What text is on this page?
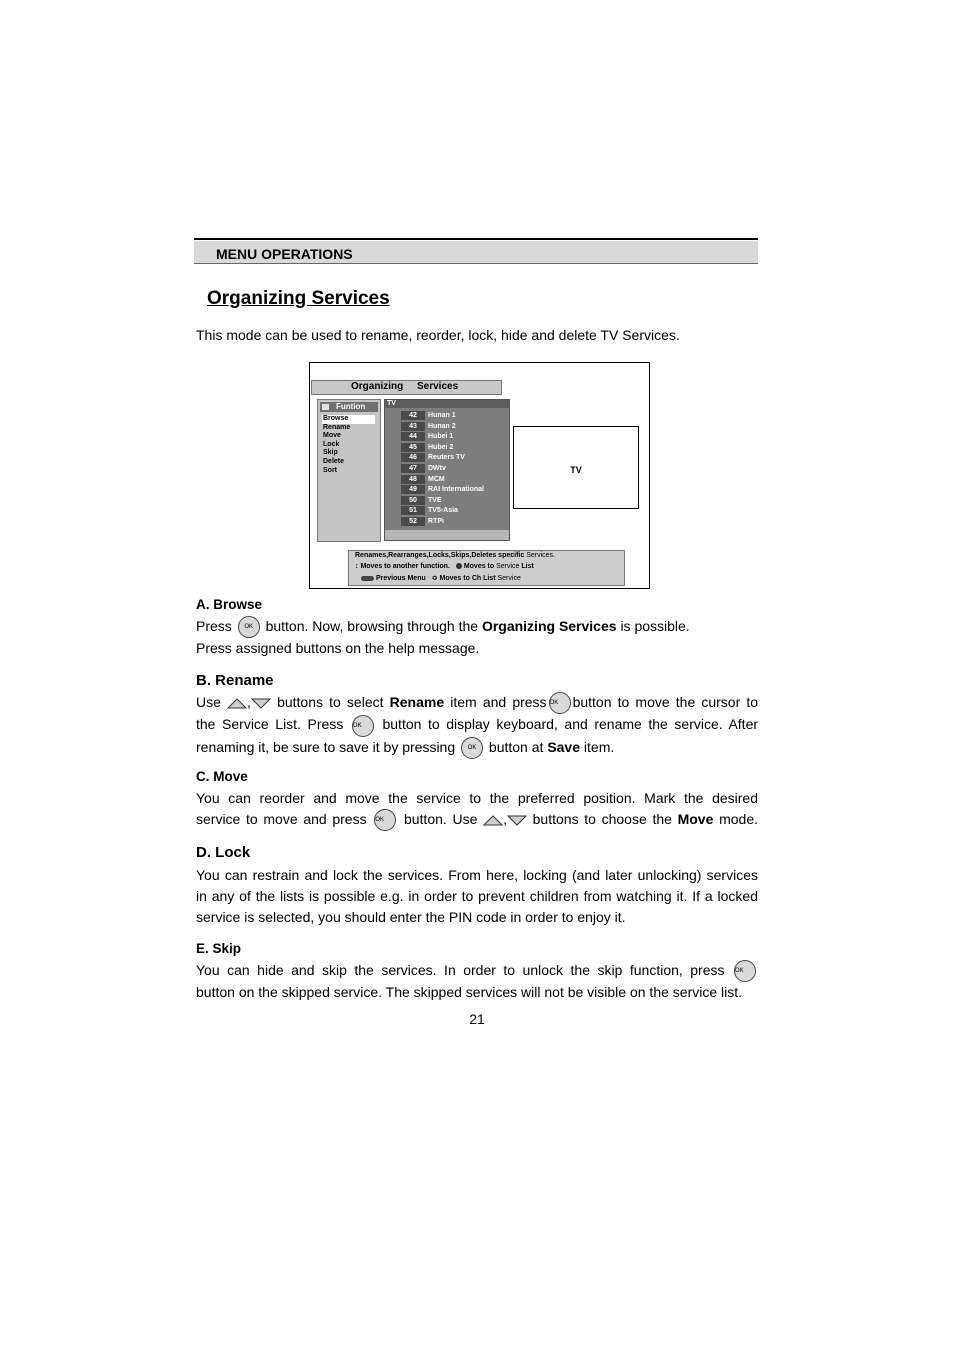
MENU OPERATIONS
Organizing Services
This mode can be used to rename, reorder, lock, hide and delete TV Services.
Organizing Services
Funtion
Browse
Rename
Move
Lock
Skip
Delete
Sort
TV
42	Hunan 1
43	Hunan 2
44	Hubei 1
45	Hubei 2
46	Reuters TV
47	DWtv
48	MCM
49	RAI International
50	TVE
51	TV5-Asia
52	RTPi
TV
Renames,Rearranges,Locks,Skips,Deletes specific Services.
↕ Moves to another function. Moves to Service List
Previous Menu ≎ Moves to Ch List Service
A. Browse

Press OK button. Now, browsing through the Organizing Services is possible.

Press assigned buttons on the help message.

B. Rename

Use , buttons to select Rename item and press OK button to move the cursor to

the Service List. Press OK button to display keyboard, and rename the service. After

renaming it, be sure to save it by pressing OK button at Save item.

C. Move

You can reorder and move the service to the preferred position. Mark the desired

service to move and press OK button. Use , buttons to choose the Move mode.

D. Lock

You can restrain and lock the services. From here, locking (and later unlocking) services

in any of the lists is possible e.g. in order to prevent children from watching it. If a locked

service is selected, you should enter the PIN code in order to enjoy it.

E. Skip

You can hide and skip the services. In order to unlock the skip function, press OK

button on the skipped service. The skipped services will not be visible on the service list.

21
